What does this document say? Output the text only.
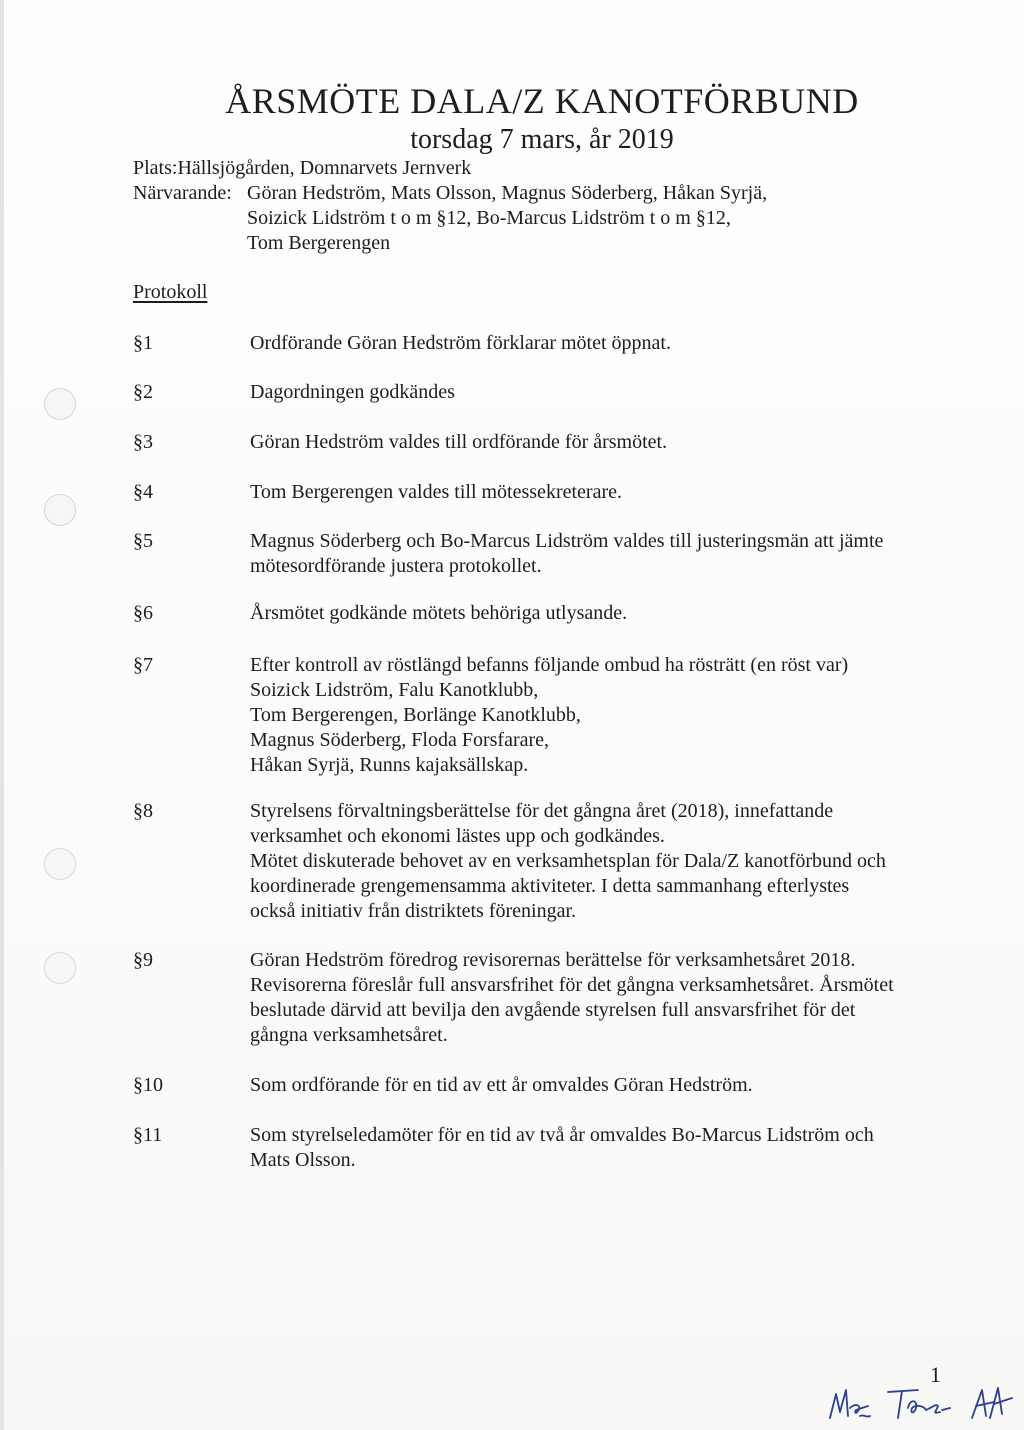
ÅRSMÖTE DALA/Z KANOTFÖRBUND
torsdag 7 mars, år 2019
Plats:Hällsjögården, Domnarvets Jernverk
Närvarande: Göran Hedström, Mats Olsson, Magnus Söderberg, Håkan Syrjä,
Soizick Lidström t o m §12, Bo-Marcus Lidström t o m §12,
Tom Bergerengen
Protokoll
§1	Ordförande Göran Hedström förklarar mötet öppnat.
§2	Dagordningen godkändes
§3	Göran Hedström valdes till ordförande för årsmötet.
§4	Tom Bergerengen valdes till mötessekreterare.
§5	Magnus Söderberg och Bo-Marcus Lidström valdes till justeringsmän att jämte
mötesordförande justera protokollet.
§6	Årsmötet godkände mötets behöriga utlysande.
§7	Efter kontroll av röstlängd befanns följande ombud ha rösträtt (en röst var)
Soizick Lidström, Falu Kanotklubb,
Tom Bergerengen, Borlänge Kanotklubb,
Magnus Söderberg, Floda Forsfarare,
Håkan Syrjä, Runns kajaksällskap.
§8	Styrelsens förvaltningsberättelse för det gångna året (2018), innefattande
verksamhet och ekonomi lästes upp och godkändes.
Mötet diskuterade behovet av en verksamhetsplan för Dala/Z kanotförbund och
koordinerade grengemensamma aktiviteter. I detta sammanhang efterlystes
också initiativ från distriktets föreningar.
§9	Göran Hedström föredrog revisorernas berättelse för verksamhetsåret 2018.
Revisorerna föreslår full ansvarsfrihet för det gångna verksamhetsåret. Årsmötet
beslutade därvid att bevilja den avgående styrelsen full ansvarsfrihet för det
gångna verksamhetsåret.
§10	Som ordförande för en tid av ett år omvaldes Göran Hedström.
§11	Som styrelseledamöter för en tid av två år omvaldes Bo-Marcus Lidström och
Mats Olsson.
1
